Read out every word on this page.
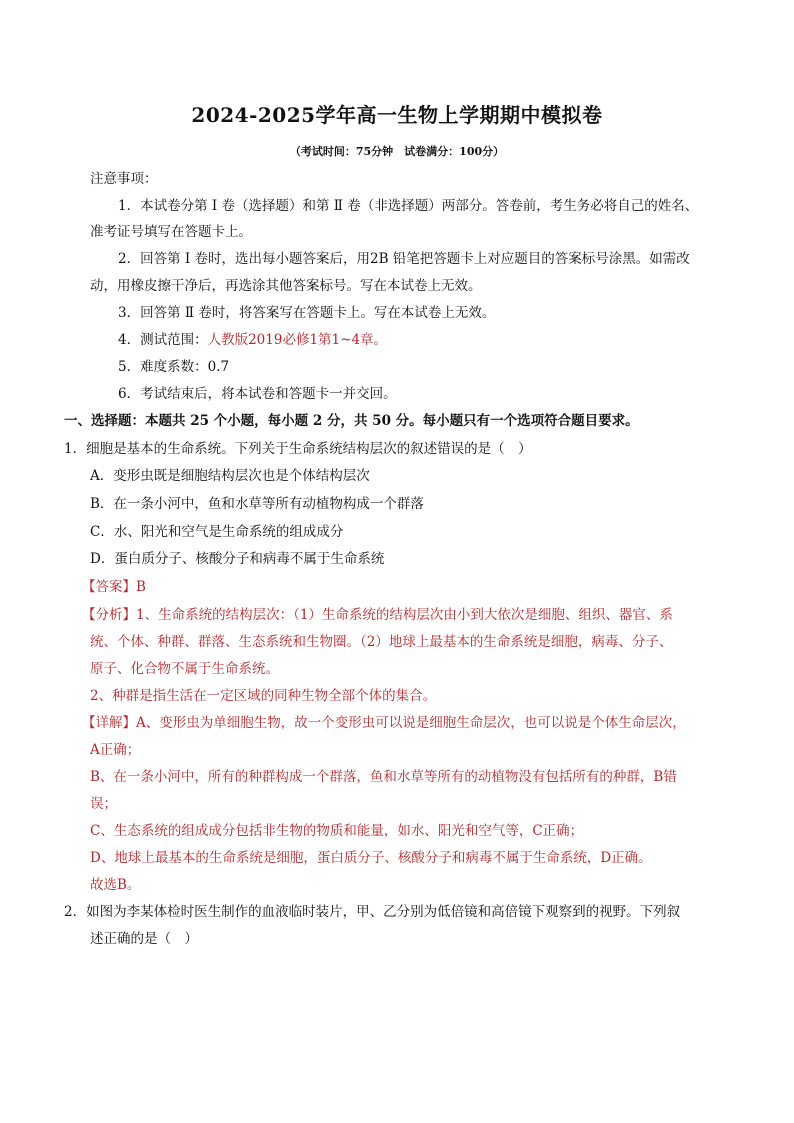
2024-2025学年高一生物上学期期中模拟卷
（考试时间：75分钟　试卷满分：100分）
注意事项：
1．本试卷分第 Ⅰ 卷（选择题）和第 Ⅱ 卷（非选择题）两部分。答卷前，考生务必将自己的姓名、
准考证号填写在答题卡上。
2．回答第 Ⅰ 卷时，选出每小题答案后，用2B 铅笔把答题卡上对应题目的答案标号涂黑。如需改
动，用橡皮擦干净后，再选涂其他答案标号。写在本试卷上无效。
3．回答第 Ⅱ 卷时，将答案写在答题卡上。写在本试卷上无效。
4．测试范围：人教版2019必修1第1~4章。
5．难度系数：0.7
6．考试结束后，将本试卷和答题卡一并交回。
一、选择题：本题共 25 个小题，每小题 2 分，共 50 分。每小题只有一个选项符合题目要求。
1．细胞是基本的生命系统。下列关于生命系统结构层次的叙述错误的是（　）
A．变形虫既是细胞结构层次也是个体结构层次
B．在一条小河中，鱼和水草等所有动植物构成一个群落
C．水、阳光和空气是生命系统的组成成分
D．蛋白质分子、核酸分子和病毒不属于生命系统
【答案】B
【分析】1、生命系统的结构层次：（1）生命系统的结构层次由小到大依次是细胞、组织、器官、系
统、个体、种群、群落、生态系统和生物圈。（2）地球上最基本的生命系统是细胞，病毒、分子、
原子、化合物不属于生命系统。
2、种群是指生活在一定区域的同种生物全部个体的集合。
【详解】A、变形虫为单细胞生物，故一个变形虫可以说是细胞生命层次，也可以说是个体生命层次，
A正确；
B、在一条小河中，所有的种群构成一个群落，鱼和水草等所有的动植物没有包括所有的种群，B错
误；
C、生态系统的组成成分包括非生物的物质和能量，如水、阳光和空气等，C正确；
D、地球上最基本的生命系统是细胞，蛋白质分子、核酸分子和病毒不属于生命系统，D正确。
故选B。
2．如图为李某体检时医生制作的血液临时装片，甲、乙分别为低倍镜和高倍镜下观察到的视野。下列叙
述正确的是（　）
